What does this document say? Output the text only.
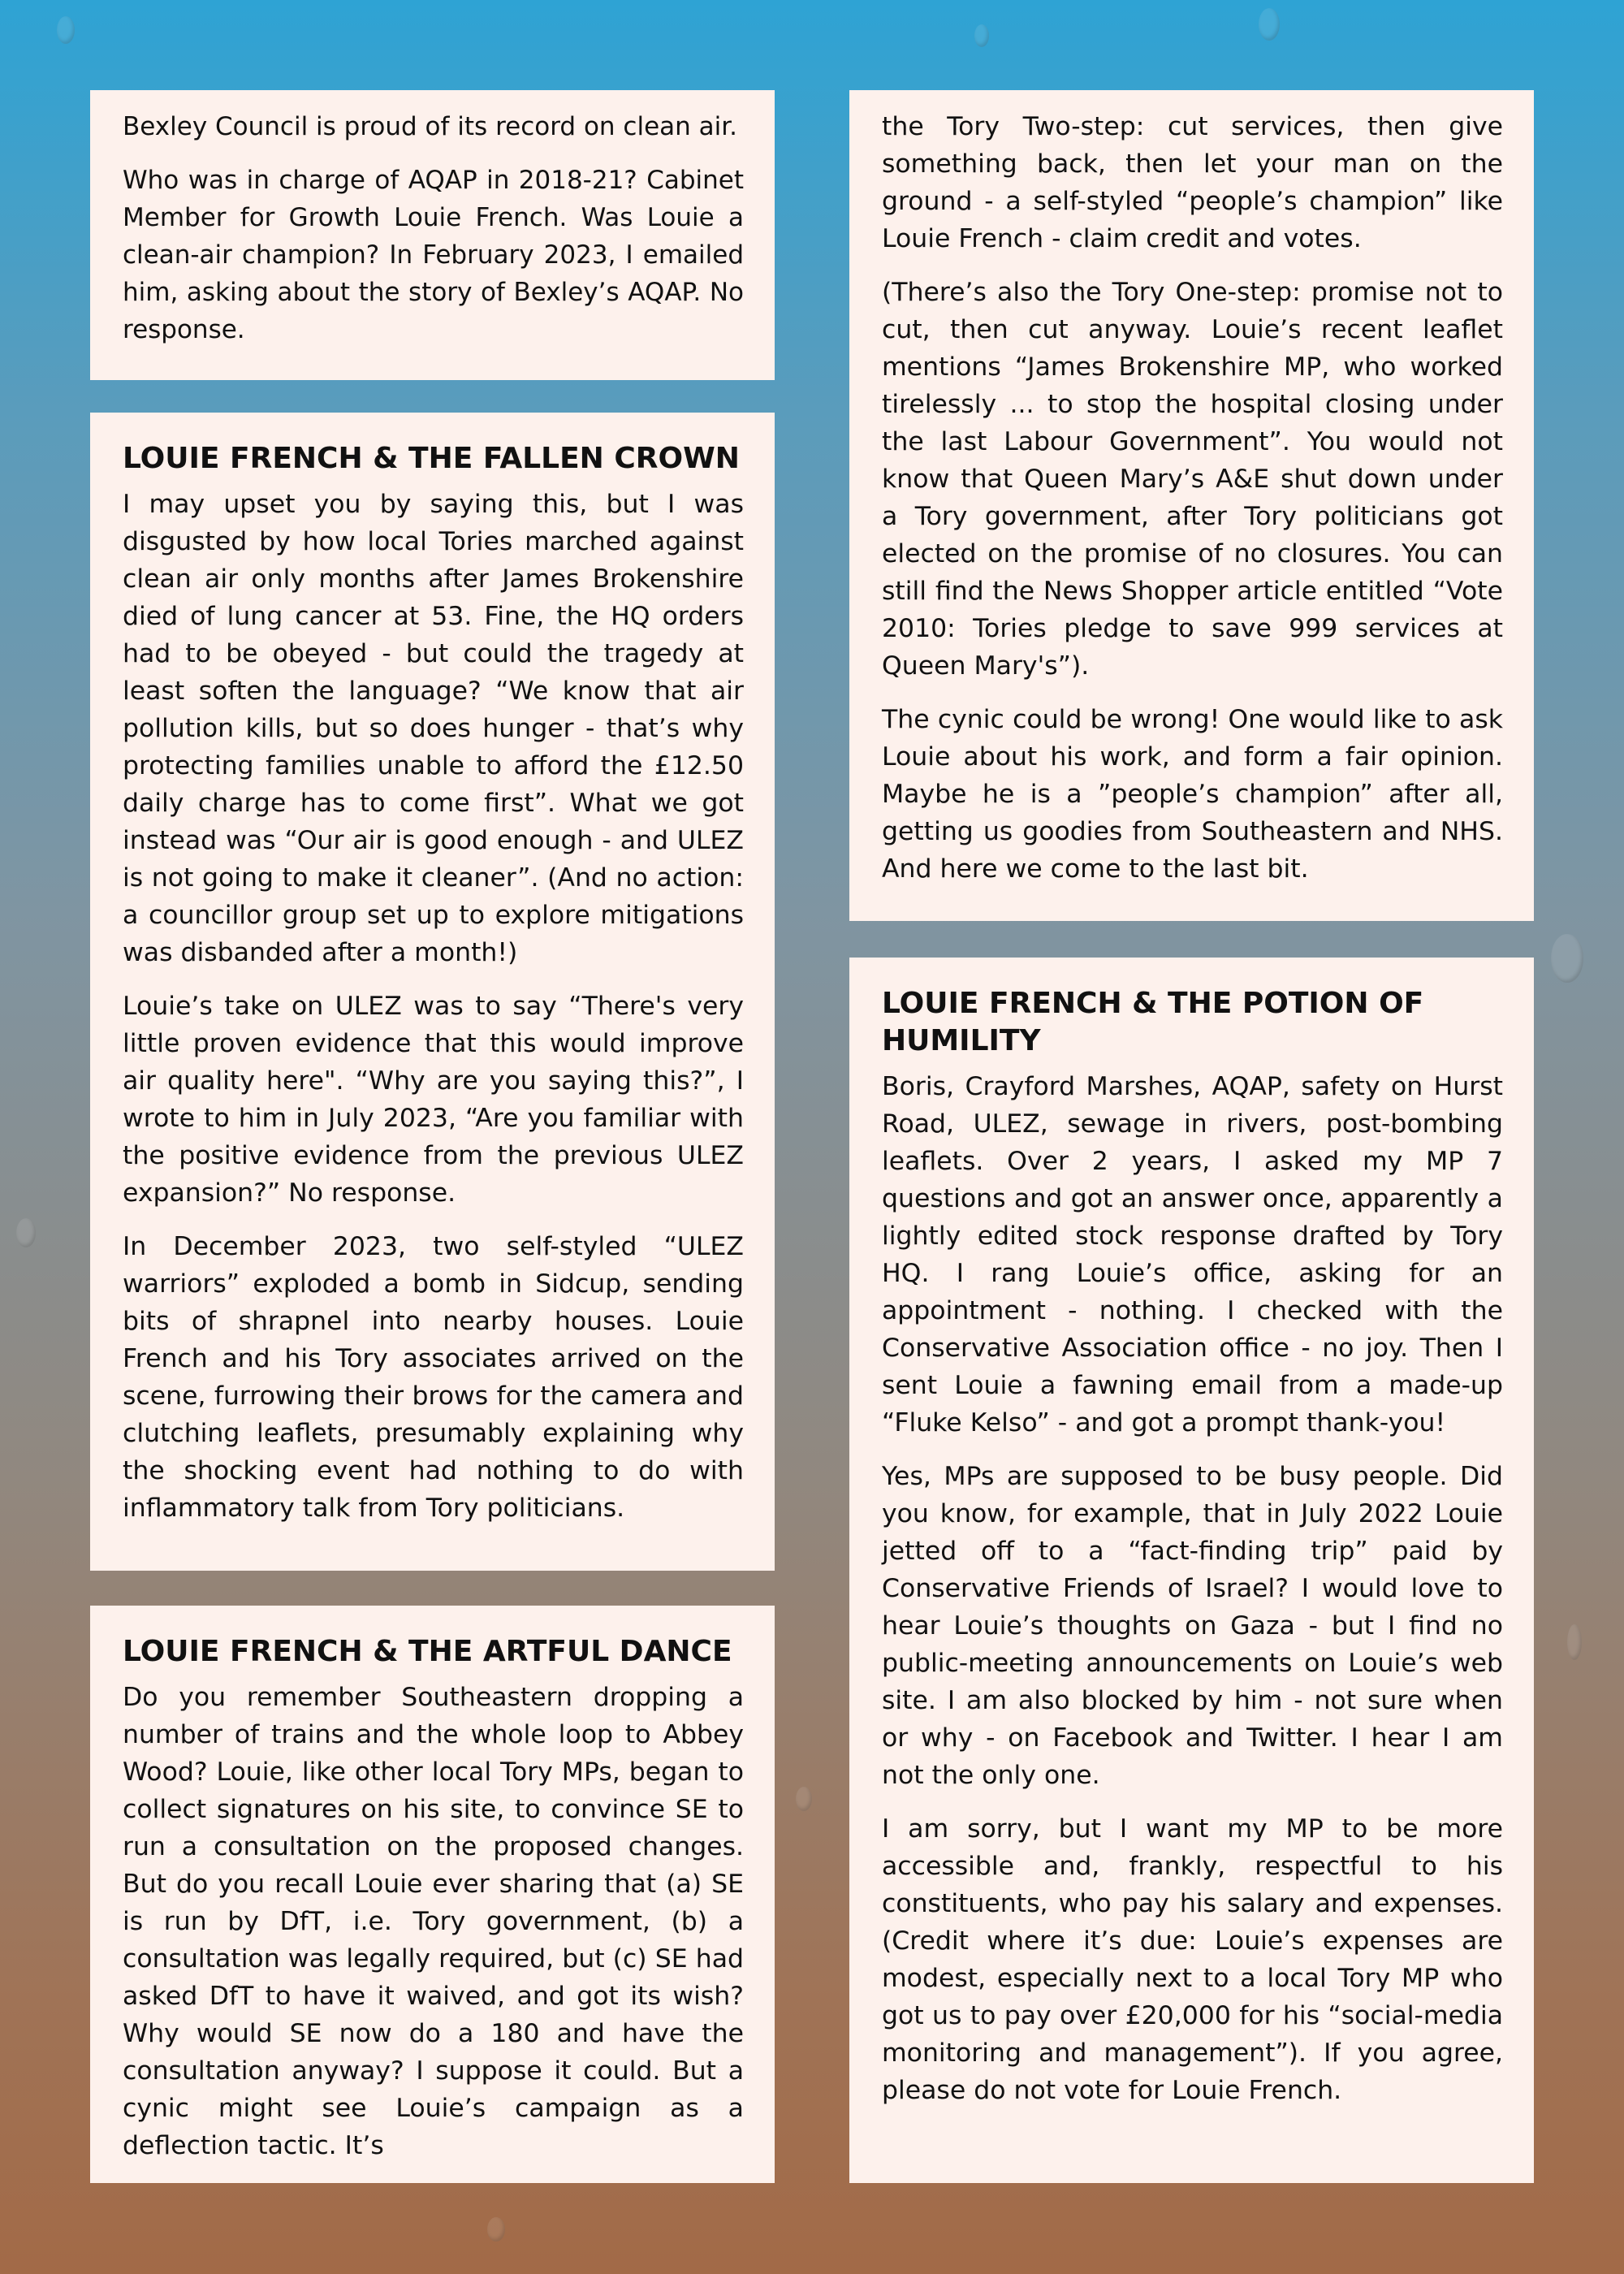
Bexley Council is proud of its record on clean air.

Who was in charge of AQAP in 2018-21? Cabinet Member for Growth Louie French. Was Louie a clean-air champion? In February 2023, I emailed him, asking about the story of Bexley’s AQAP. No response.

LOUIE FRENCH & THE FALLEN CROWN

I may upset you by saying this, but I was disgusted by how local Tories marched against clean air only months after James Brokenshire died of lung cancer at 53. Fine, the HQ orders had to be obeyed - but could the tragedy at least soften the language? “We know that air pollution kills, but so does hunger - that’s why protecting families unable to afford the £12.50 daily charge has to come first”. What we got instead was “Our air is good enough - and ULEZ is not going to make it cleaner”. (And no action: a councillor group set up to explore mitigations was disbanded after a month!)

Louie’s take on ULEZ was to say “There's very little proven evidence that this would improve air quality here". “Why are you saying this?”, I wrote to him in July 2023, “Are you familiar with the positive evidence from the previous ULEZ expansion?” No response.

In December 2023, two self-styled “ULEZ warriors” exploded a bomb in Sidcup, sending bits of shrapnel into nearby houses. Louie French and his Tory associates arrived on the scene, furrowing their brows for the camera and clutching leaflets, presumably explaining why the shocking event had nothing to do with inflammatory talk from Tory politicians.

LOUIE FRENCH & THE ARTFUL DANCE

Do you remember Southeastern dropping a number of trains and the whole loop to Abbey Wood? Louie, like other local Tory MPs, began to collect signatures on his site, to convince SE to run a consultation on the proposed changes. But do you recall Louie ever sharing that (a) SE is run by DfT, i.e. Tory government, (b) a consultation was legally required, but (c) SE had asked DfT to have it waived, and got its wish? Why would SE now do a 180 and have the consultation anyway? I suppose it could. But a cynic might see Louie’s campaign as a deflection tactic. It’s

the Tory Two-step: cut services, then give something back, then let your man on the ground - a self-styled “people’s champion” like Louie French - claim credit and votes.

(There’s also the Tory One-step: promise not to cut, then cut anyway. Louie’s recent leaflet mentions “James Brokenshire MP, who worked tirelessly ... to stop the hospital closing under the last Labour Government”. You would not know that Queen Mary’s A&E shut down under a Tory government, after Tory politicians got elected on the promise of no closures. You can still find the News Shopper article entitled “Vote 2010: Tories pledge to save 999 services at Queen Mary's”).

The cynic could be wrong! One would like to ask Louie about his work, and form a fair opinion. Maybe he is a ”people’s champion” after all, getting us goodies from Southeastern and NHS. And here we come to the last bit.

LOUIE FRENCH & THE POTION OF HUMILITY

Boris, Crayford Marshes, AQAP, safety on Hurst Road, ULEZ, sewage in rivers, post-bombing leaflets. Over 2 years, I asked my MP 7 questions and got an answer once, apparently a lightly edited stock response drafted by Tory HQ. I rang Louie’s office, asking for an appointment - nothing. I checked with the Conservative Association office - no joy. Then I sent Louie a fawning email from a made-up “Fluke Kelso” - and got a prompt thank-you!

Yes, MPs are supposed to be busy people. Did you know, for example, that in July 2022 Louie jetted off to a “fact-finding trip” paid by Conservative Friends of Israel? I would love to hear Louie’s thoughts on Gaza - but I find no public-meeting announcements on Louie’s web site. I am also blocked by him - not sure when or why - on Facebook and Twitter. I hear I am not the only one.

I am sorry, but I want my MP to be more accessible and, frankly, respectful to his constituents, who pay his salary and expenses. (Credit where it’s due: Louie’s expenses are modest, especially next to a local Tory MP who got us to pay over £20,000 for his “social-media monitoring and management”). If you agree, please do not vote for Louie French.
